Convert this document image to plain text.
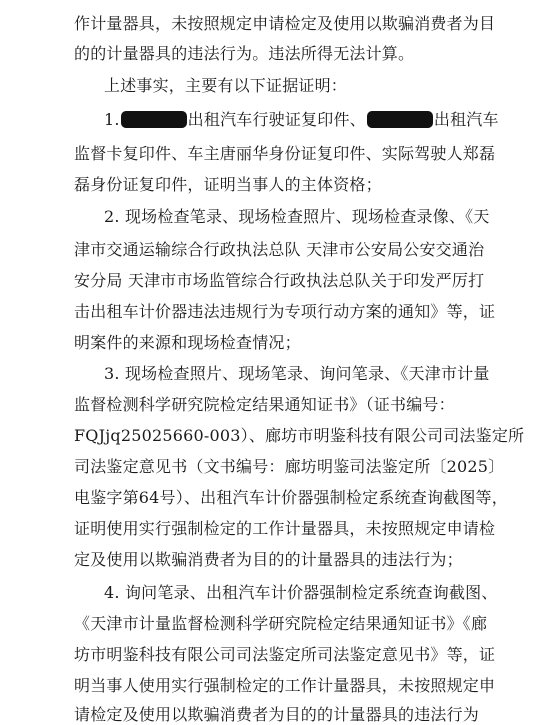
作计量器具，未按照规定申请检定及使用以欺骗消费者为目
的的计量器具的违法行为。违法所得无法计算。
上述事实，主要有以下证据证明：
1.	出租汽车行驶证复印件、	出租汽车
监督卡复印件、车主唐丽华身份证复印件、实际驾驶人郑磊
磊身份证复印件，证明当事人的主体资格；
2. 现场检查笔录、现场检查照片、现场检查录像、《天
津市交通运输综合行政执法总队 天津市公安局公安交通治
安分局 天津市市场监管综合行政执法总队关于印发严厉打
击出租车计价器违法违规行为专项行动方案的通知》等，证
明案件的来源和现场检查情况；
3. 现场检查照片、现场笔录、询问笔录、《天津市计量
监督检测科学研究院检定结果通知证书》（证书编号：
FQJjq25025660-003）、廊坊市明鉴科技有限公司司法鉴定所
司法鉴定意见书（文书编号：廊坊明鉴司法鉴定所〔2025〕
电鉴字第64号）、出租汽车计价器强制检定系统查询截图等，
证明使用实行强制检定的工作计量器具，未按照规定申请检
定及使用以欺骗消费者为目的的计量器具的违法行为；
4. 询问笔录、出租汽车计价器强制检定系统查询截图、
《天津市计量监督检测科学研究院检定结果通知证书》《廊
坊市明鉴科技有限公司司法鉴定所司法鉴定意见书》等，证
明当事人使用实行强制检定的工作计量器具，未按照规定申
请检定及使用以欺骗消费者为目的的计量器具的违法行为
